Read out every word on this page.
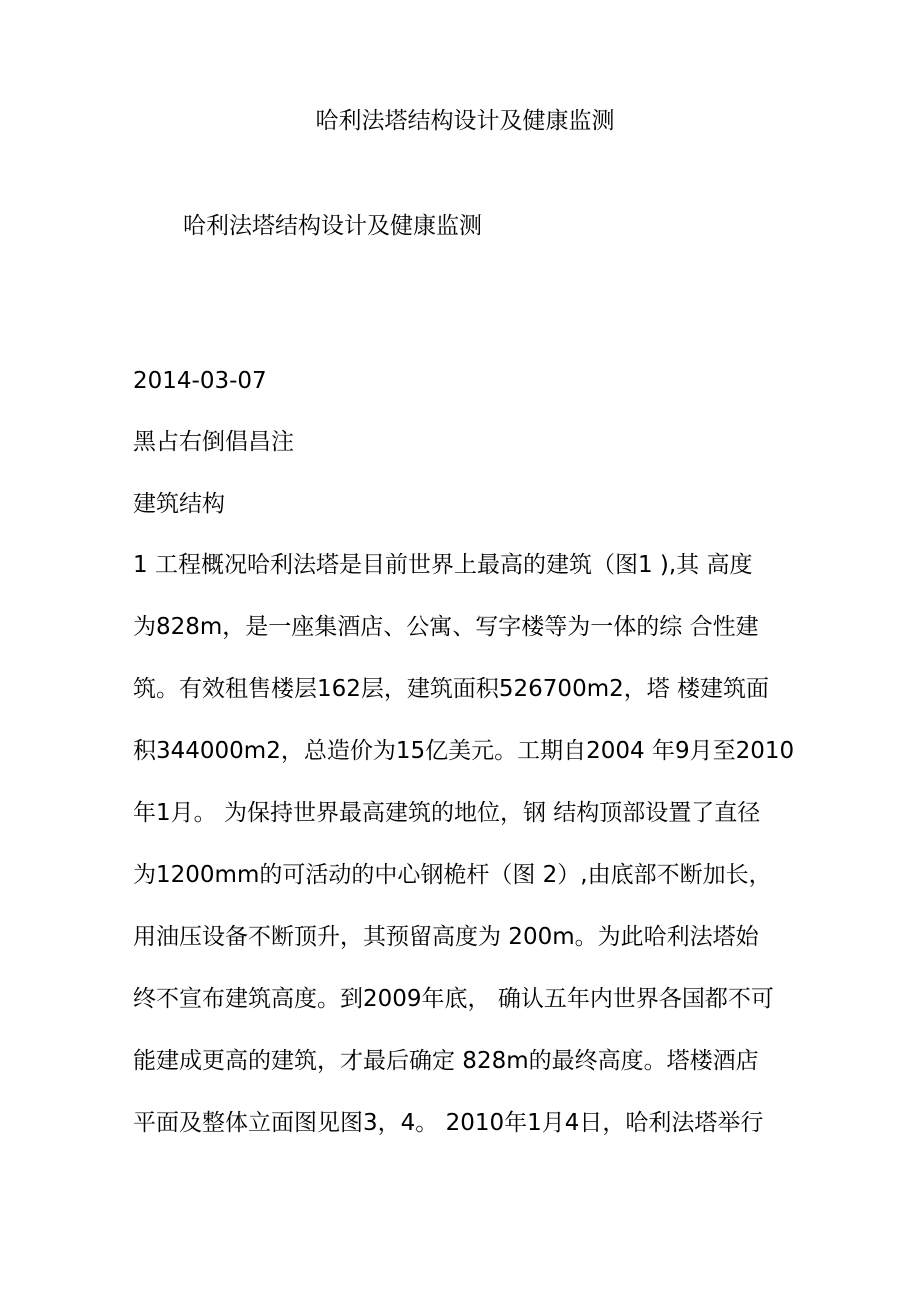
哈利法塔结构设计及健康监测
哈利法塔结构设计及健康监测

2014-03-07

黑占右倒倡昌注

建筑结构

1 工程概况哈利法塔是目前世界上最高的建筑（图1 ),其 高度
为828m，是一座集酒店、公寓、写字楼等为一体的综 合性建
筑。有效租售楼层162层，建筑面积526700m2，塔 楼建筑面
积344000m2，总造价为15亿美元。工期自2004 年9月至2010
年1月。 为保持世界最高建筑的地位，钢 结构顶部设置了直径
为1200mm的可活动的中心钢桅杆（图 2）,由底部不断加长，
用油压设备不断顶升，其预留高度为 200m。为此哈利法塔始
终不宣布建筑高度。到2009年底， 确认五年内世界各国都不可
能建成更高的建筑，才最后确定 828m的最终高度。塔楼酒店
平面及整体立面图见图3，4。 2010年1月4日，哈利法塔举行
